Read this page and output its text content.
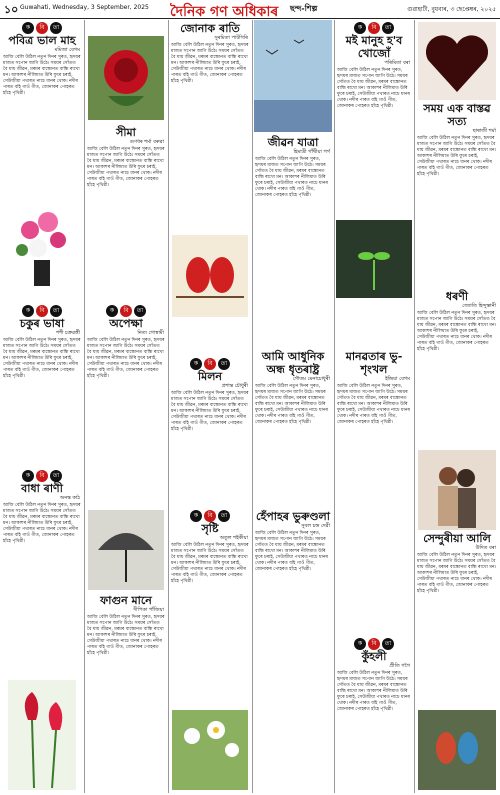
১০ Guwahati, Wednesday, 3 September, 2025 দৈনিক গণ অধিকাৰ ছন্দ-শিল্প	গুৱাহাটী, বুধবাৰ, ৩ ছেপ্তেম্বৰ, ২০২৫
ক	বি	তা
পবিত্ৰ ভাল মাহ
মমিজা বেগম
আজি বেলি উঠিল নতুন দিনৰ সুৰত, হৃদয়ৰ মাজত সপোন জাগি উঠে। সময়ৰ সোঁতত বৈ যায় জীৱন, মৰমৰ বান্ধোনত বান্ধি ৰাখো মন। আকাশৰ নীলিমাত উৰি ফুৰে চৰাই, সেউজীয়া পথাৰত নাচে ধানৰ থোক। নদীৰ পাৰত বহি গাওঁ গীত, জোনাকৰ পোহৰত হাঁহে পৃথিৱী।
ক	বি	তা
চকুৰ ভাষা
শশী চক্ৰৱৰ্ত্তী
আজি বেলি উঠিল নতুন দিনৰ সুৰত, হৃদয়ৰ মাজত সপোন জাগি উঠে। সময়ৰ সোঁতত বৈ যায় জীৱন, মৰমৰ বান্ধোনত বান্ধি ৰাখো মন। আকাশৰ নীলিমাত উৰি ফুৰে চৰাই, সেউজীয়া পথাৰত নাচে ধানৰ থোক। নদীৰ পাৰত বহি গাওঁ গীত, জোনাকৰ পোহৰত হাঁহে পৃথিৱী।
ক	বি	তা
বাধা ৰাণী
অনন্ত কাঠ
আজি বেলি উঠিল নতুন দিনৰ সুৰত, হৃদয়ৰ মাজত সপোন জাগি উঠে। সময়ৰ সোঁতত বৈ যায় জীৱন, মৰমৰ বান্ধোনত বান্ধি ৰাখো মন। আকাশৰ নীলিমাত উৰি ফুৰে চৰাই, সেউজীয়া পথাৰত নাচে ধানৰ থোক। নদীৰ পাৰত বহি গাওঁ গীত, জোনাকৰ পোহৰত হাঁহে পৃথিৱী।
সীমা
গুণধৰ শৰ্মা বৰুৱা
আজি বেলি উঠিল নতুন দিনৰ সুৰত, হৃদয়ৰ মাজত সপোন জাগি উঠে। সময়ৰ সোঁতত বৈ যায় জীৱন, মৰমৰ বান্ধোনত বান্ধি ৰাখো মন। আকাশৰ নীলিমাত উৰি ফুৰে চৰাই, সেউজীয়া পথাৰত নাচে ধানৰ থোক। নদীৰ পাৰত বহি গাওঁ গীত, জোনাকৰ পোহৰত হাঁহে পৃথিৱী।
ক	বি	তা
অপেক্ষা
নিত্য গোস্বামী
আজি বেলি উঠিল নতুন দিনৰ সুৰত, হৃদয়ৰ মাজত সপোন জাগি উঠে। সময়ৰ সোঁতত বৈ যায় জীৱন, মৰমৰ বান্ধোনত বান্ধি ৰাখো মন। আকাশৰ নীলিমাত উৰি ফুৰে চৰাই, সেউজীয়া পথাৰত নাচে ধানৰ থোক। নদীৰ পাৰত বহি গাওঁ গীত, জোনাকৰ পোহৰত হাঁহে পৃথিৱী।
ফাগুন মানে
দীপিকা পাঁজিয়া
আজি বেলি উঠিল নতুন দিনৰ সুৰত, হৃদয়ৰ মাজত সপোন জাগি উঠে। সময়ৰ সোঁতত বৈ যায় জীৱন, মৰমৰ বান্ধোনত বান্ধি ৰাখো মন। আকাশৰ নীলিমাত উৰি ফুৰে চৰাই, সেউজীয়া পথাৰত নাচে ধানৰ থোক। নদীৰ পাৰত বহি গাওঁ গীত, জোনাকৰ পোহৰত হাঁহে পৃথিৱী।
জোনাক ৰাতি
সুৰমিতা পাটগিৰি
আজি বেলি উঠিল নতুন দিনৰ সুৰত, হৃদয়ৰ মাজত সপোন জাগি উঠে। সময়ৰ সোঁতত বৈ যায় জীৱন, মৰমৰ বান্ধোনত বান্ধি ৰাখো মন। আকাশৰ নীলিমাত উৰি ফুৰে চৰাই, সেউজীয়া পথাৰত নাচে ধানৰ থোক। নদীৰ পাৰত বহি গাওঁ গীত, জোনাকৰ পোহৰত হাঁহে পৃথিৱী।
ক	বি	তা
মিলন
প্ৰশান্ত চৌধুৰী
আজি বেলি উঠিল নতুন দিনৰ সুৰত, হৃদয়ৰ মাজত সপোন জাগি উঠে। সময়ৰ সোঁতত বৈ যায় জীৱন, মৰমৰ বান্ধোনত বান্ধি ৰাখো মন। আকাশৰ নীলিমাত উৰি ফুৰে চৰাই, সেউজীয়া পথাৰত নাচে ধানৰ থোক। নদীৰ পাৰত বহি গাওঁ গীত, জোনাকৰ পোহৰত হাঁহে পৃথিৱী।
ক	বি	তা
সৃষ্টি
অতুল শইকীয়া
আজি বেলি উঠিল নতুন দিনৰ সুৰত, হৃদয়ৰ মাজত সপোন জাগি উঠে। সময়ৰ সোঁতত বৈ যায় জীৱন, মৰমৰ বান্ধোনত বান্ধি ৰাখো মন। আকাশৰ নীলিমাত উৰি ফুৰে চৰাই, সেউজীয়া পথাৰত নাচে ধানৰ থোক। নদীৰ পাৰত বহি গাওঁ গীত, জোনাকৰ পোহৰত হাঁহে পৃথিৱী।
জীৱন যাত্ৰা
হিমাদ্ৰী গাঁথীয়া গৰ্গ
আজি বেলি উঠিল নতুন দিনৰ সুৰত, হৃদয়ৰ মাজত সপোন জাগি উঠে। সময়ৰ সোঁতত বৈ যায় জীৱন, মৰমৰ বান্ধোনত বান্ধি ৰাখো মন। আকাশৰ নীলিমাত উৰি ফুৰে চৰাই, সেউজীয়া পথাৰত নাচে ধানৰ থোক। নদীৰ পাৰত বহি গাওঁ গীত, জোনাকৰ পোহৰত হাঁহে পৃথিৱী।
আমি আধুনিক অন্ধ ধৃতৰাষ্ট্ৰ
গৌতম মেনাচোধুৰী
আজি বেলি উঠিল নতুন দিনৰ সুৰত, হৃদয়ৰ মাজত সপোন জাগি উঠে। সময়ৰ সোঁতত বৈ যায় জীৱন, মৰমৰ বান্ধোনত বান্ধি ৰাখো মন। আকাশৰ নীলিমাত উৰি ফুৰে চৰাই, সেউজীয়া পথাৰত নাচে ধানৰ থোক। নদীৰ পাৰত বহি গাওঁ গীত, জোনাকৰ পোহৰত হাঁহে পৃথিৱী।
হেঁপাহৰ ভুৰুণ্ডলা
সুবল চন্দ্ৰ দেৱী
আজি বেলি উঠিল নতুন দিনৰ সুৰত, হৃদয়ৰ মাজত সপোন জাগি উঠে। সময়ৰ সোঁতত বৈ যায় জীৱন, মৰমৰ বান্ধোনত বান্ধি ৰাখো মন। আকাশৰ নীলিমাত উৰি ফুৰে চৰাই, সেউজীয়া পথাৰত নাচে ধানৰ থোক। নদীৰ পাৰত বহি গাওঁ গীত, জোনাকৰ পোহৰত হাঁহে পৃথিৱী।
ক	বি	তা
মই মানুহ হ'ব খোজোঁ
পৰিমিতা বৰা
আজি বেলি উঠিল নতুন দিনৰ সুৰত, হৃদয়ৰ মাজত সপোন জাগি উঠে। সময়ৰ সোঁতত বৈ যায় জীৱন, মৰমৰ বান্ধোনত বান্ধি ৰাখো মন। আকাশৰ নীলিমাত উৰি ফুৰে চৰাই, সেউজীয়া পথাৰত নাচে ধানৰ থোক। নদীৰ পাৰত বহি গাওঁ গীত, জোনাকৰ পোহৰত হাঁহে পৃথিৱী।
মানৱতাৰ ভু-শৃংখল
ইন্দ্ৰিয়া বেগম
আজি বেলি উঠিল নতুন দিনৰ সুৰত, হৃদয়ৰ মাজত সপোন জাগি উঠে। সময়ৰ সোঁতত বৈ যায় জীৱন, মৰমৰ বান্ধোনত বান্ধি ৰাখো মন। আকাশৰ নীলিমাত উৰি ফুৰে চৰাই, সেউজীয়া পথাৰত নাচে ধানৰ থোক। নদীৰ পাৰত বহি গাওঁ গীত, জোনাকৰ পোহৰত হাঁহে পৃথিৱী।
ক	বি	তা
কুঁহলী
প্ৰীতি গগৈ
আজি বেলি উঠিল নতুন দিনৰ সুৰত, হৃদয়ৰ মাজত সপোন জাগি উঠে। সময়ৰ সোঁতত বৈ যায় জীৱন, মৰমৰ বান্ধোনত বান্ধি ৰাখো মন। আকাশৰ নীলিমাত উৰি ফুৰে চৰাই, সেউজীয়া পথাৰত নাচে ধানৰ থোক। নদীৰ পাৰত বহি গাওঁ গীত, জোনাকৰ পোহৰত হাঁহে পৃথিৱী।
সময় এক বাস্তৱ সত্য
ছাৰাজী শৰ্মা
আজি বেলি উঠিল নতুন দিনৰ সুৰত, হৃদয়ৰ মাজত সপোন জাগি উঠে। সময়ৰ সোঁতত বৈ যায় জীৱন, মৰমৰ বান্ধোনত বান্ধি ৰাখো মন। আকাশৰ নীলিমাত উৰি ফুৰে চৰাই, সেউজীয়া পথাৰত নাচে ধানৰ থোক। নদীৰ পাৰত বহি গাওঁ গীত, জোনাকৰ পোহৰত হাঁহে পৃথিৱী।
ধৰণী
জ্যোতি হিন্দুস্তানী
আজি বেলি উঠিল নতুন দিনৰ সুৰত, হৃদয়ৰ মাজত সপোন জাগি উঠে। সময়ৰ সোঁতত বৈ যায় জীৱন, মৰমৰ বান্ধোনত বান্ধি ৰাখো মন। আকাশৰ নীলিমাত উৰি ফুৰে চৰাই, সেউজীয়া পথাৰত নাচে ধানৰ থোক। নদীৰ পাৰত বহি গাওঁ গীত, জোনাকৰ পোহৰত হাঁহে পৃথিৱী।
সেন্দুৰীয়া আলি
উদিত বৰা
আজি বেলি উঠিল নতুন দিনৰ সুৰত, হৃদয়ৰ মাজত সপোন জাগি উঠে। সময়ৰ সোঁতত বৈ যায় জীৱন, মৰমৰ বান্ধোনত বান্ধি ৰাখো মন। আকাশৰ নীলিমাত উৰি ফুৰে চৰাই, সেউজীয়া পথাৰত নাচে ধানৰ থোক। নদীৰ পাৰত বহি গাওঁ গীত, জোনাকৰ পোহৰত হাঁহে পৃথিৱী।
